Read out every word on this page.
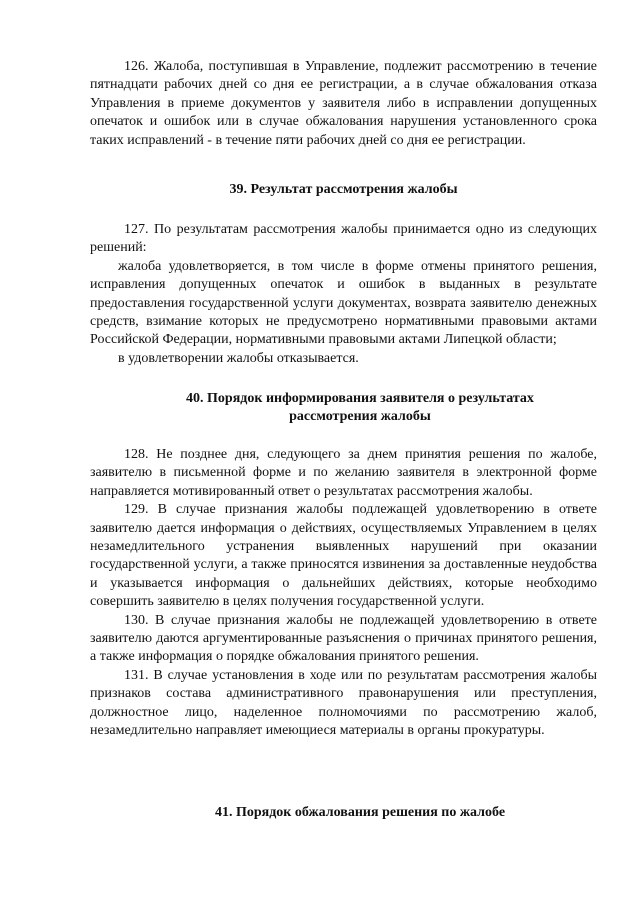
126. Жалоба, поступившая в Управление, подлежит рассмотрению в течение пятнадцати рабочих дней со дня ее регистрации, а в случае обжалования отказа Управления в приеме документов у заявителя либо в исправлении допущенных опечаток и ошибок или в случае обжалования нарушения установленного срока таких исправлений - в течение пяти рабочих дней со дня ее регистрации.

39. Результат рассмотрения жалобы

127. По результатам рассмотрения жалобы принимается одно из следующих решений:

жалоба удовлетворяется, в том числе в форме отмены принятого решения, исправления допущенных опечаток и ошибок в выданных в результате предоставления государственной услуги документах, возврата заявителю денежных средств, взимание которых не предусмотрено нормативными правовыми актами Российской Федерации, нормативными правовыми актами Липецкой области;

в удовлетворении жалобы отказывается.

40. Порядок информирования заявителя о результатах
рассмотрения жалобы

128. Не позднее дня, следующего за днем принятия решения по жалобе, заявителю в письменной форме и по желанию заявителя в электронной форме направляется мотивированный ответ о результатах рассмотрения жалобы.

129. В случае признания жалобы подлежащей удовлетворению в ответе заявителю дается информация о действиях, осуществляемых Управлением в целях незамедлительного устранения выявленных нарушений при оказании государственной услуги, а также приносятся извинения за доставленные неудобства и указывается информация о дальнейших действиях, которые необходимо совершить заявителю в целях получения государственной услуги.

130. В случае признания жалобы не подлежащей удовлетворению в ответе заявителю даются аргументированные разъяснения о причинах принятого решения, а также информация о порядке обжалования принятого решения.

131. В случае установления в ходе или по результатам рассмотрения жалобы признаков состава административного правонарушения или преступления, должностное лицо, наделенное полномочиями по рассмотрению жалоб, незамедлительно направляет имеющиеся материалы в органы прокуратуры.

41. Порядок обжалования решения по жалобе
